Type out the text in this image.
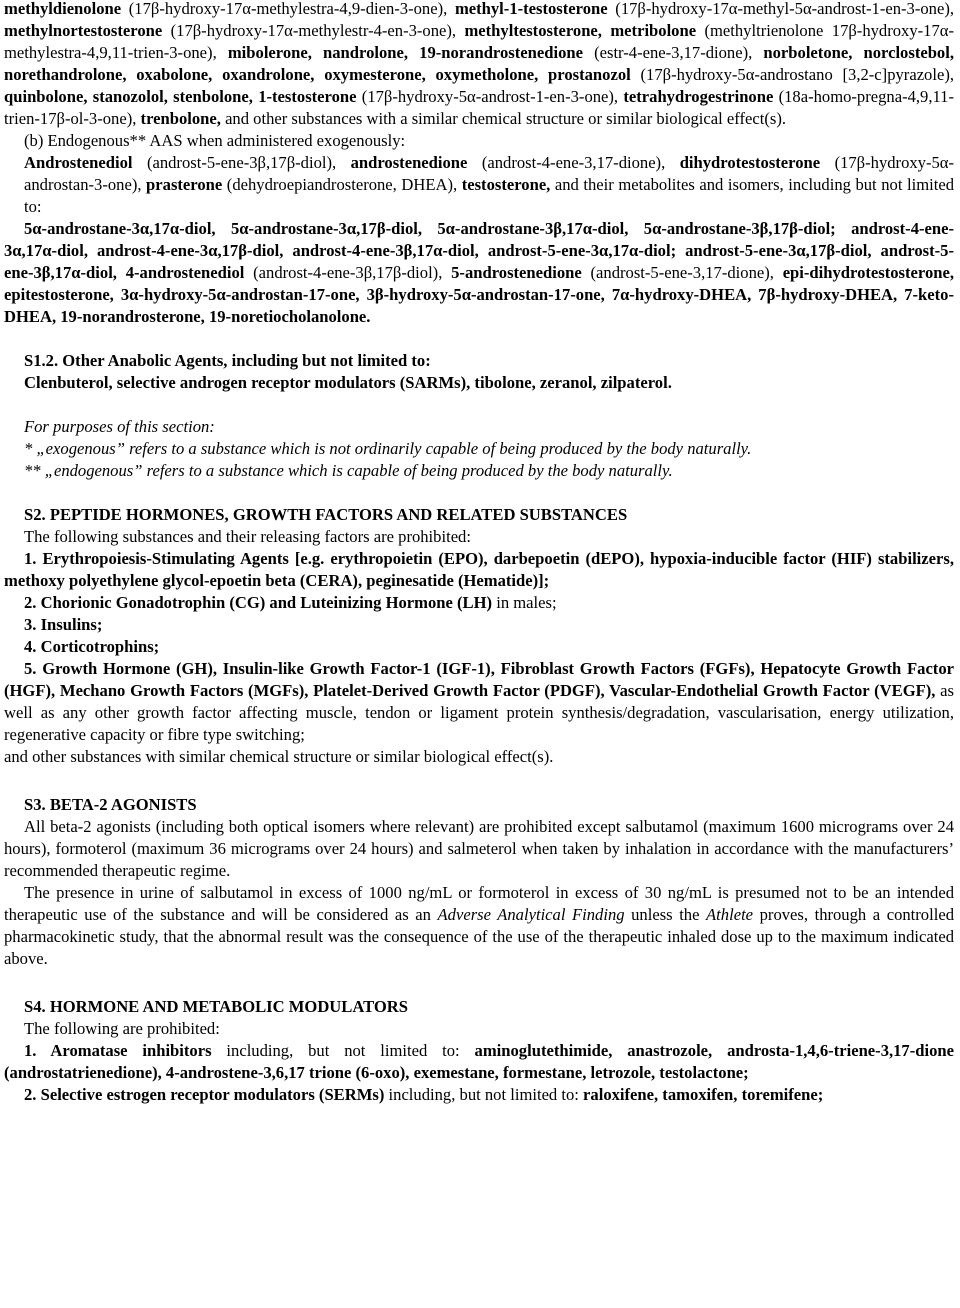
methyldienolone (17β-hydroxy-17α-methylestra-4,9-dien-3-one), methyl-1-testosterone (17β-hydroxy-17α-methyl-5α-androst-1-en-3-one), methylnortestosterone (17β-hydroxy-17α-methylestr-4-en-3-one), methyltestosterone, metribolone (methyltrienolone 17β-hydroxy-17α-methylestra-4,9,11-trien-3-one), mibolerone, nandrolone, 19-norandrostenedione (estr-4-ene-3,17-dione), norboletone, norclostebol, norethandrolone, oxabolone, oxandrolone, oxymesterone, oxymetholone, prostanozol (17β-hydroxy-5α-androstano [3,2-c]pyrazole), quinbolone, stanozolol, stenbolone, 1-testosterone (17β-hydroxy-5α-androst-1-en-3-one), tetrahydrogestrinone (18a-homo-pregna-4,9,11-trien-17β-ol-3-one), trenbolone, and other substances with a similar chemical structure or similar biological effect(s).

(b) Endogenous** AAS when administered exogenously:

Androstenediol (androst-5-ene-3β,17β-diol), androstenedione (androst-4-ene-3,17-dione), dihydrotestosterone (17β-hydroxy-5α-androstan-3-one), prasterone (dehydroepiandrosterone, DHEA), testosterone, and their metabolites and isomers, including but not limited to:

5α-androstane-3α,17α-diol, 5α-androstane-3α,17β-diol, 5α-androstane-3β,17α-diol, 5α-androstane-3β,17β-diol; androst-4-ene-3α,17α-diol, androst-4-ene-3α,17β-diol, androst-4-ene-3β,17α-diol, androst-5-ene-3α,17α-diol; androst-5-ene-3α,17β-diol, androst-5-ene-3β,17α-diol, 4-androstenediol (androst-4-ene-3β,17β-diol), 5-androstenedione (androst-5-ene-3,17-dione), epi-dihydrotestosterone, epitestosterone, 3α-hydroxy-5α-androstan-17-one, 3β-hydroxy-5α-androstan-17-one, 7α-hydroxy-DHEA, 7β-hydroxy-DHEA, 7-keto-DHEA, 19-norandrosterone, 19-noretiocholanolone.

S1.2. Other Anabolic Agents, including but not limited to:

Clenbuterol, selective androgen receptor modulators (SARMs), tibolone, zeranol, zilpaterol.

For purposes of this section:

* „exogenous” refers to a substance which is not ordinarily capable of being produced by the body naturally.

** „endogenous” refers to a substance which is capable of being produced by the body naturally.

S2. PEPTIDE HORMONES, GROWTH FACTORS AND RELATED SUBSTANCES

The following substances and their releasing factors are prohibited:

1. Erythropoiesis-Stimulating Agents [e.g. erythropoietin (EPO), darbepoetin (dEPO), hypoxia-inducible factor (HIF) stabilizers, methoxy polyethylene glycol-epoetin beta (CERA), peginesatide (Hematide)];

2. Chorionic Gonadotrophin (CG) and Luteinizing Hormone (LH) in males;

3. Insulins;

4. Corticotrophins;

5. Growth Hormone (GH), Insulin-like Growth Factor-1 (IGF-1), Fibroblast Growth Factors (FGFs), Hepatocyte Growth Factor (HGF), Mechano Growth Factors (MGFs), Platelet-Derived Growth Factor (PDGF), Vascular-Endothelial Growth Factor (VEGF), as well as any other growth factor affecting muscle, tendon or ligament protein synthesis/degradation, vascularisation, energy utilization, regenerative capacity or fibre type switching;

and other substances with similar chemical structure or similar biological effect(s).

S3. BETA-2 AGONISTS

All beta-2 agonists (including both optical isomers where relevant) are prohibited except salbutamol (maximum 1600 micrograms over 24 hours), formoterol (maximum 36 micrograms over 24 hours) and salmeterol when taken by inhalation in accordance with the manufacturers’ recommended therapeutic regime.

The presence in urine of salbutamol in excess of 1000 ng/mL or formoterol in excess of 30 ng/mL is presumed not to be an intended therapeutic use of the substance and will be considered as an Adverse Analytical Finding unless the Athlete proves, through a controlled pharmacokinetic study, that the abnormal result was the consequence of the use of the therapeutic inhaled dose up to the maximum indicated above.

S4. HORMONE AND METABOLIC MODULATORS

The following are prohibited:

1. Aromatase inhibitors including, but not limited to: aminoglutethimide, anastrozole, androsta-1,4,6-triene-3,17-dione (androstatrienedione), 4-androstene-3,6,17 trione (6-oxo), exemestane, formestane, letrozole, testolactone;

2. Selective estrogen receptor modulators (SERMs) including, but not limited to: raloxifene, tamoxifen, toremifene;
